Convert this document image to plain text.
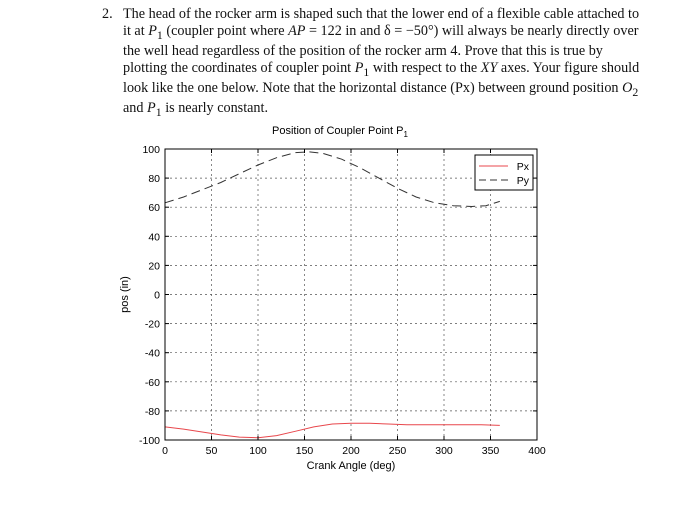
2. The head of the rocker arm is shaped such that the lower end of a flexible cable attached to it at $P_1$ (coupler point where AP = 122 in and δ = −50°) will always be nearly directly over the well head regardless of the position of the rocker arm 4. Prove that this is true by plotting the coordinates of coupler point $P_1$ with respect to the XY axes. Your figure should look like the one below. Note that the horizontal distance (Px) between ground position $O_2$ and $P_1$ is nearly constant.
Position of Coupler Point $P_1$
0	50	100	150	200	250	300	350	400
100
80
60
40
20
0
-20
-40
-60
-80
-100
Crank Angle (deg)
pos (in)
Px
Py
